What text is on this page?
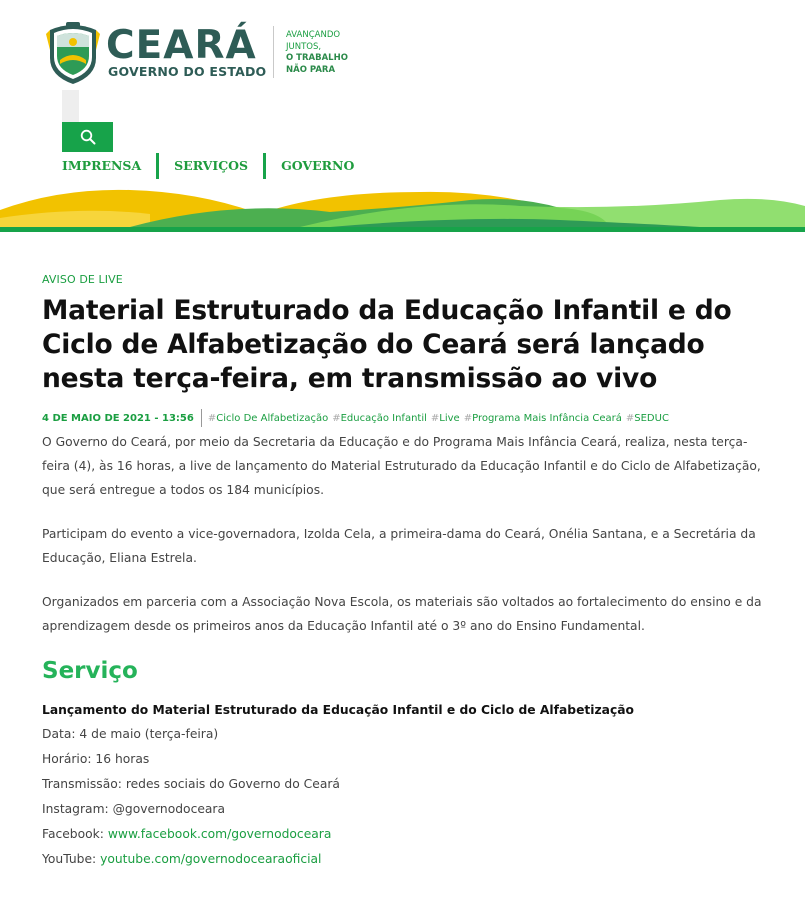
CEARÁ
GOVERNO DO ESTADO
AVANÇANDO
JUNTOS,
O TRABALHO
NÃO PARA
IMPRENSA	SERVIÇOS	GOVERNO
AVISO DE LIVE
Material Estruturado da Educação Infantil e do Ciclo de Alfabetização do Ceará será lançado nesta terça-feira, em transmissão ao vivo
4 DE MAIO DE 2021 - 13:56	#Ciclo De Alfabetização #Educação Infantil #Live #Programa Mais Infância Ceará #SEDUC

O Governo do Ceará, por meio da Secretaria da Educação e do Programa Mais Infância Ceará, realiza, nesta terça-feira (4), às 16 horas, a live de lançamento do Material Estruturado da Educação Infantil e do Ciclo de Alfabetização, que será entregue a todos os 184 municípios.

Participam do evento a vice-governadora, Izolda Cela, a primeira-dama do Ceará, Onélia Santana, e a Secretária da Educação, Eliana Estrela.

Organizados em parceria com a Associação Nova Escola, os materiais são voltados ao fortalecimento do ensino e da aprendizagem desde os primeiros anos da Educação Infantil até o 3º ano do Ensino Fundamental.

Serviço
Lançamento do Material Estruturado da Educação Infantil e do Ciclo de Alfabetização
Data: 4 de maio (terça-feira)
Horário: 16 horas
Transmissão: redes sociais do Governo do Ceará
Instagram: @governodoceara
Facebook: www.facebook.com/governodoceara
YouTube: youtube.com/governodocearaoficial
